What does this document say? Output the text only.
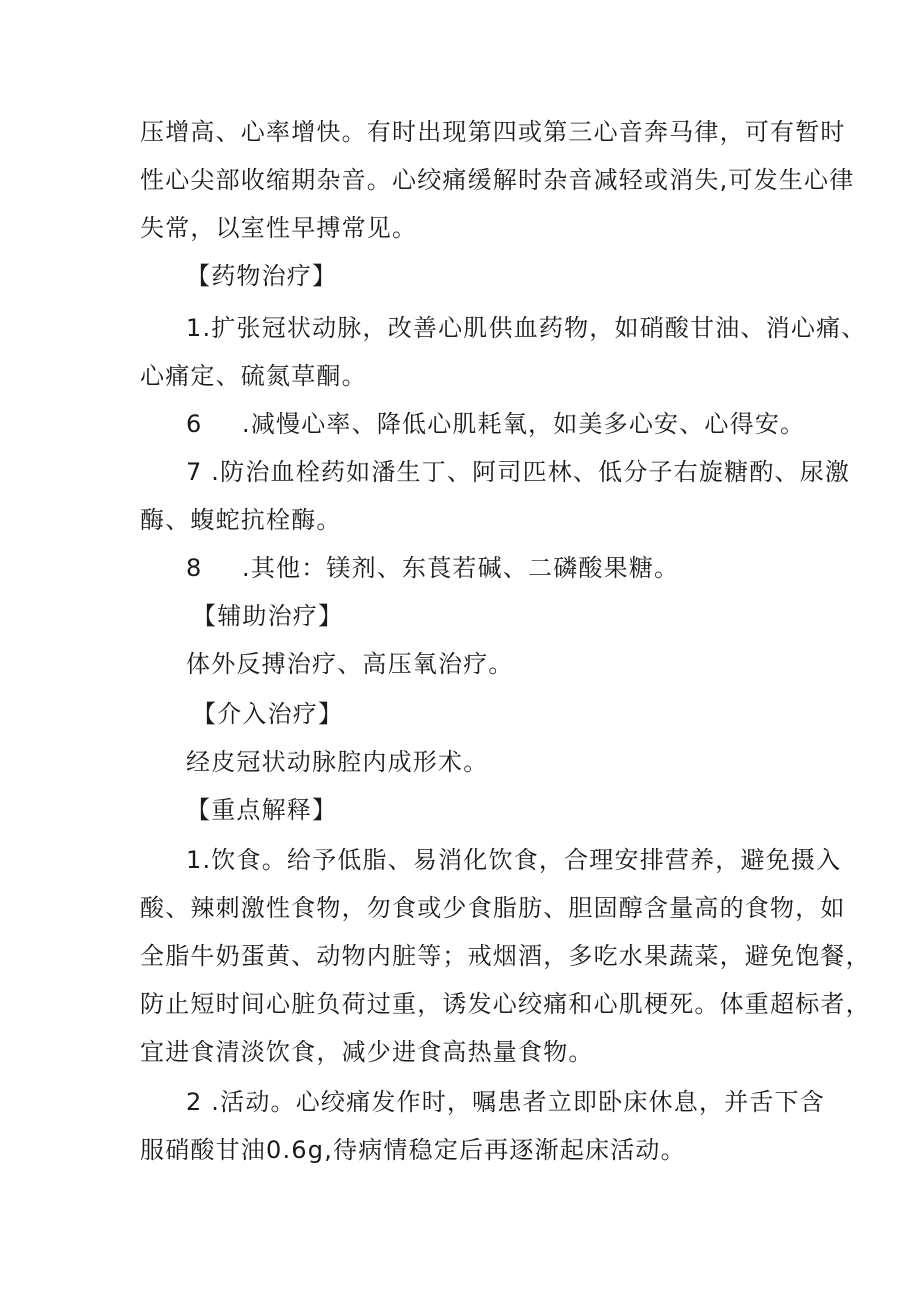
压增高、心率增快。有时出现第四或第三心音奔马律，可有暂时
性心尖部收缩期杂音。心绞痛缓解时杂音减轻或消失,可发生心律
失常，以室性早搏常见。
【药物治疗】
1.扩张冠状动脉，改善心肌供血药物，如硝酸甘油、消心痛、
心痛定、硫氮草酮。
6 .减慢心率、降低心肌耗氧，如美多心安、心得安。
7 .防治血栓药如潘生丁、阿司匹林、低分子右旋糖酌、尿激
酶、蝮蛇抗栓酶。
8 .其他：镁剂、东莨若碱、二磷酸果糖。
【辅助治疗】
体外反搏治疗、高压氧治疗。
【介入治疗】
经皮冠状动脉腔内成形术。
【重点解释】
1.饮食。给予低脂、易消化饮食，合理安排营养，避免摄入
酸、辣刺激性食物，勿食或少食脂肪、胆固醇含量高的食物，如
全脂牛奶蛋黄、动物内脏等；戒烟酒，多吃水果蔬菜，避免饱餐，
防止短时间心脏负荷过重，诱发心绞痛和心肌梗死。体重超标者，
宜进食清淡饮食，减少进食高热量食物。
2 .活动。心绞痛发作时，嘱患者立即卧床休息，并舌下含
服硝酸甘油0.6g,待病情稳定后再逐渐起床活动。
